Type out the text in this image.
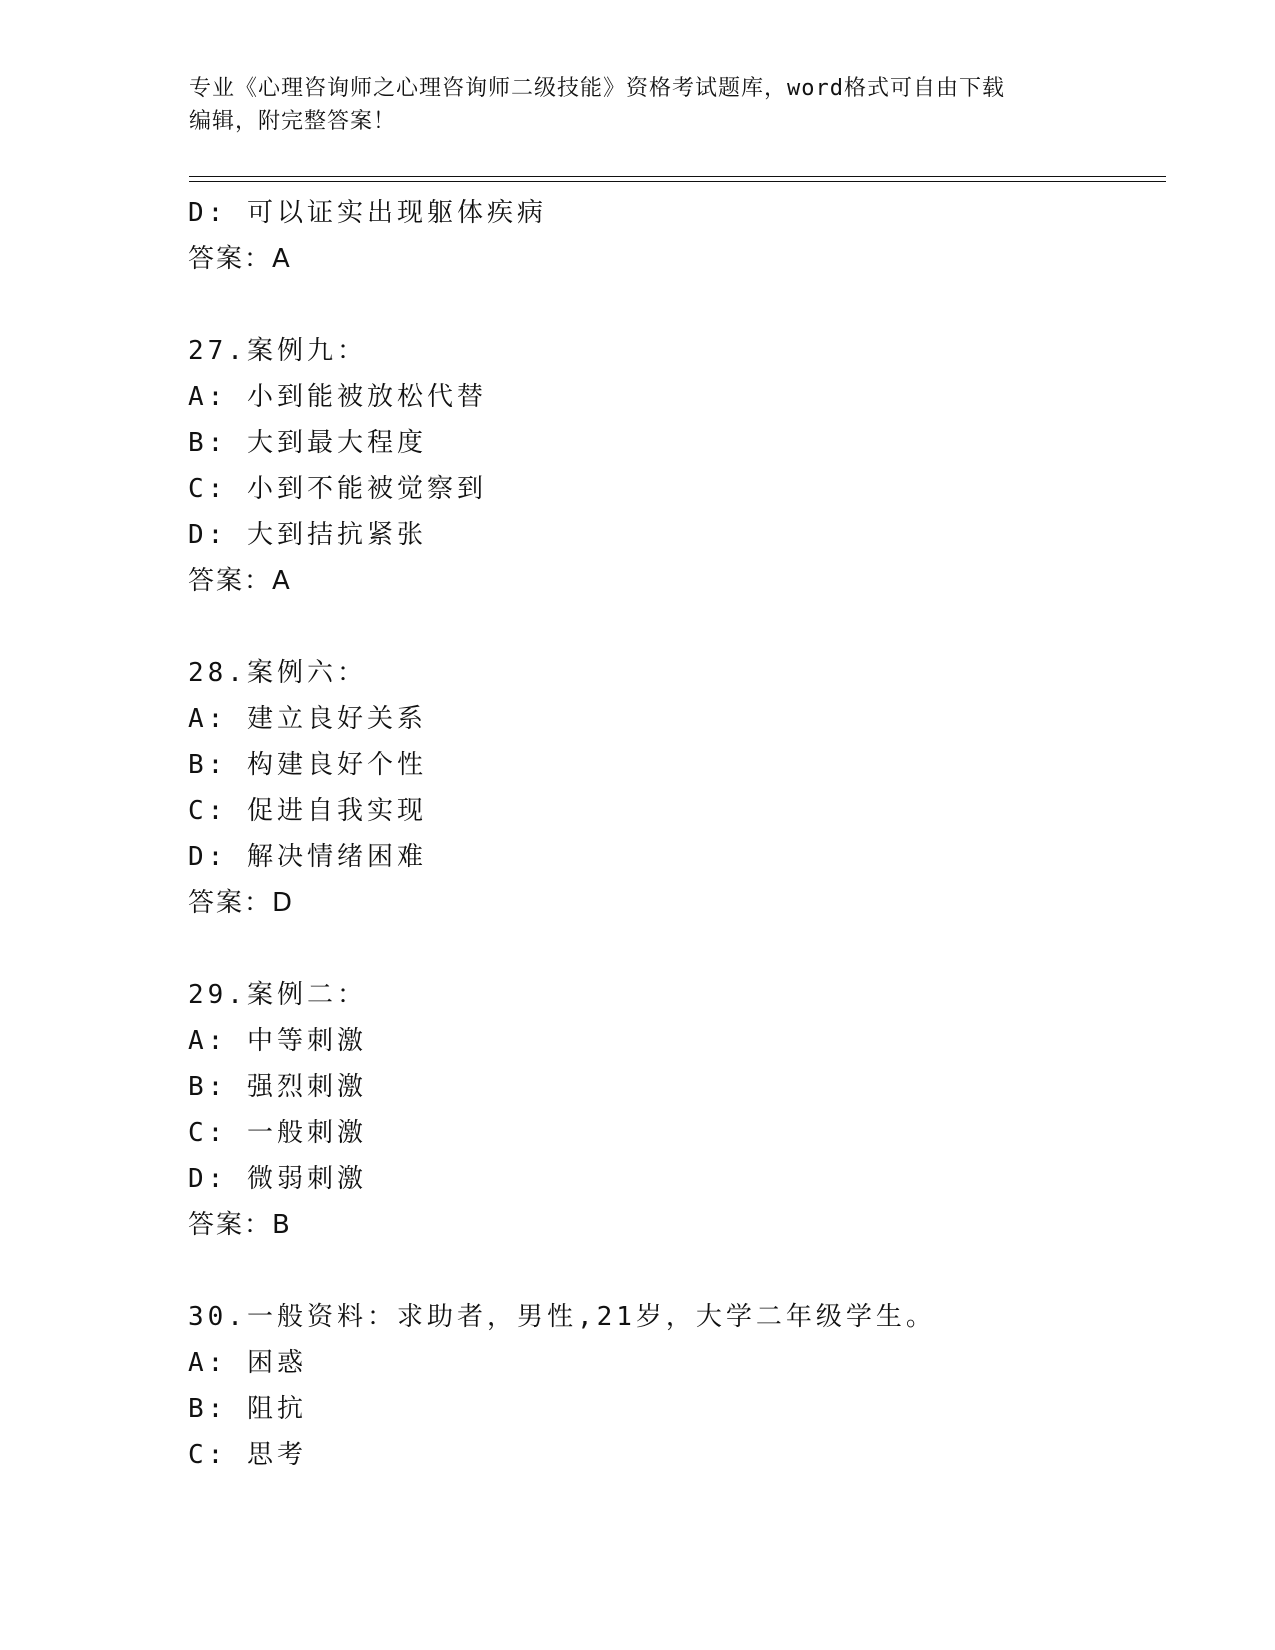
专业《心理咨询师之心理咨询师二级技能》资格考试题库，word格式可自由下载
编辑，附完整答案！
D: 可以证实出现躯体疾病
答案：A
27.案例九：
A: 小到能被放松代替
B: 大到最大程度
C: 小到不能被觉察到
D: 大到拮抗紧张
答案：A
28.案例六：
A: 建立良好关系
B: 构建良好个性
C: 促进自我实现
D: 解决情绪困难
答案：D
29.案例二：
A: 中等刺激
B: 强烈刺激
C: 一般刺激
D: 微弱刺激
答案：B
30.一般资料：求助者，男性,21岁，大学二年级学生。
A: 困惑
B: 阻抗
C: 思考
